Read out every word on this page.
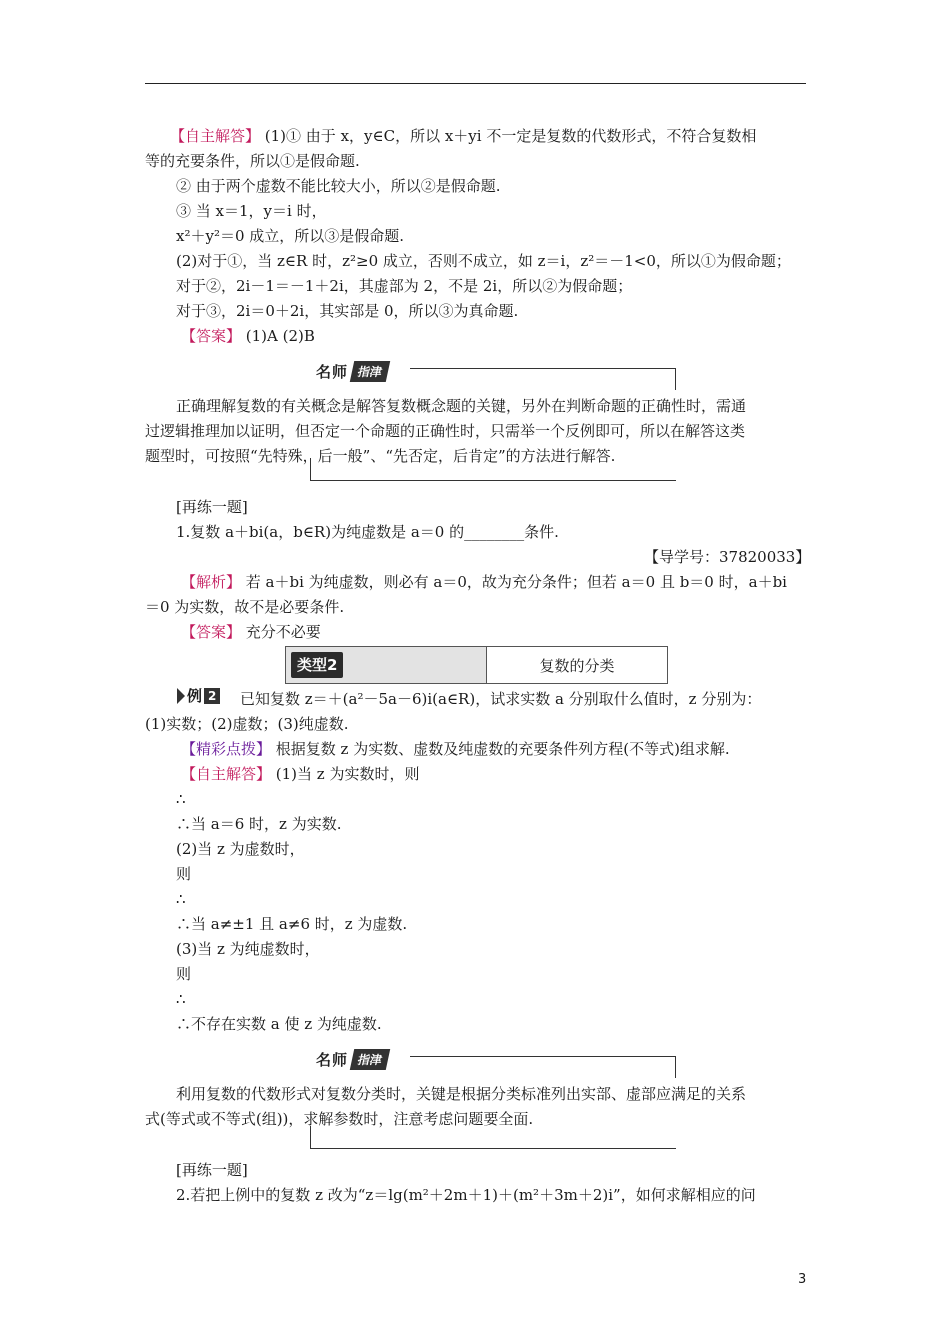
【自主解答】 (1)① 由于 x，y∈C，所以 x＋yi 不一定是复数的代数形式，不符合复数相
等的充要条件，所以①是假命题.
② 由于两个虚数不能比较大小，所以②是假命题.
③ 当 x＝1，y＝i 时，
x²＋y²＝0 成立，所以③是假命题.
(2)对于①，当 z∈R 时，z²≥0 成立，否则不成立，如 z＝i，z²＝－1<0，所以①为假命题；
对于②，2i－1＝－1＋2i，其虚部为 2，不是 2i，所以②为假命题；
对于③，2i＝0＋2i，其实部是 0，所以③为真命题.
【答案】 (1)A (2)B
正确理解复数的有关概念是解答复数概念题的关键，另外在判断命题的正确性时，需通
过逻辑推理加以证明，但否定一个命题的正确性时，只需举一个反例即可，所以在解答这类
题型时，可按照“先特殊，后一般”、“先否定，后肯定”的方法进行解答.
[再练一题]
1.复数 a＋bi(a，b∈R)为纯虚数是 a＝0 的________条件.
【导学号：37820033】
【解析】 若 a＋bi 为纯虚数，则必有 a＝0，故为充分条件；但若 a＝0 且 b＝0 时，a＋bi
＝0 为实数，故不是必要条件.
【答案】 充分不必要
已知复数 z＝＋(a²－5a－6)i(a∈R)，试求实数 a 分别取什么值时，z 分别为：
(1)实数；(2)虚数；(3)纯虚数.
【精彩点拨】 根据复数 z 为实数、虚数及纯虚数的充要条件列方程(不等式)组求解.
【自主解答】 (1)当 z 为实数时，则
∴
∴当 a＝6 时，z 为实数.
(2)当 z 为虚数时，
则
∴
∴当 a≠±1 且 a≠6 时，z 为虚数.
(3)当 z 为纯虚数时，
则
∴
∴不存在实数 a 使 z 为纯虚数.
利用复数的代数形式对复数分类时，关键是根据分类标准列出实部、虚部应满足的关系
式(等式或不等式(组))，求解参数时，注意考虑问题要全面.
[再练一题]
2.若把上例中的复数 z 改为“z＝lg(m²＋2m＋1)＋(m²＋3m＋2)i”，如何求解相应的问
名师 指津
名师 指津
类型2	复数的分类
例 2
3
